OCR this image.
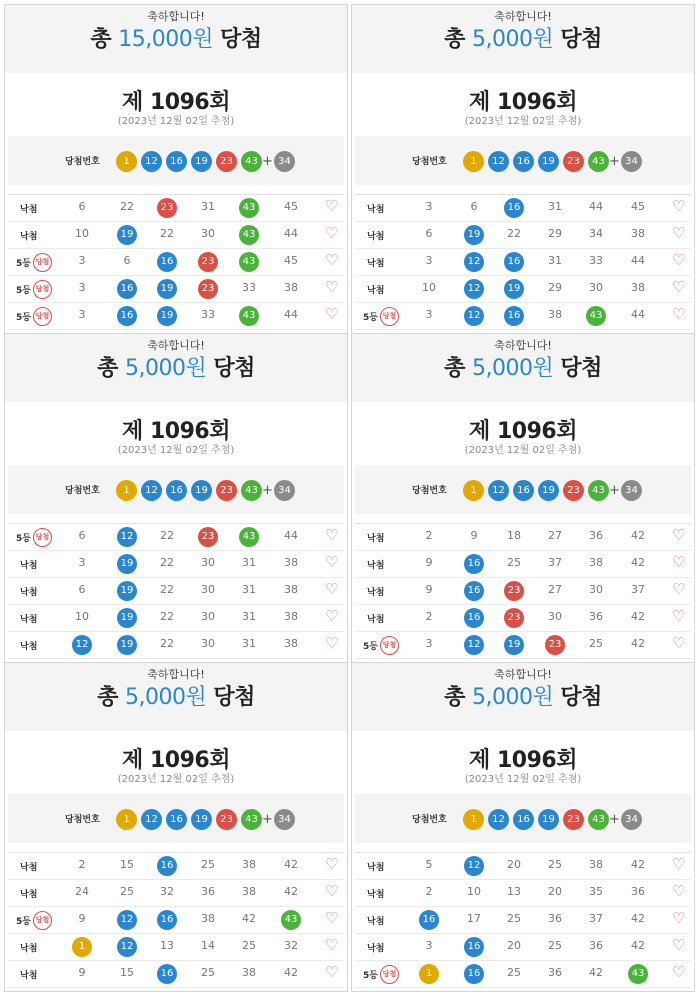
축하합니다!
총 15,000원 당첨
제 1096회
(2023년 12월 02일 추첨)
당첨번호	1	12	16	19	23	43 + 34
낙첨	6	22	23	31	43	45	♡
낙첨	10	19	22	30	43	44	♡
5등 당첨	3	6	16	23	43	45	♡
5등 당첨	3	16	19	23	33	38	♡
5등 당첨	3	16	19	33	43	44	♡
축하합니다!
총 5,000원 당첨
제 1096회
(2023년 12월 02일 추첨)
당첨번호	1	12	16	19	23	43 + 34
낙첨	3	6	16	31	44	45	♡
낙첨	6	19	22	29	34	38	♡
낙첨	3	12	16	31	33	44	♡
낙첨	10	12	19	29	30	38	♡
5등 당첨	3	12	16	38	43	44	♡
축하합니다!
총 5,000원 당첨
제 1096회
(2023년 12월 02일 추첨)
당첨번호	1	12	16	19	23	43 + 34
5등 당첨	6	12	22	23	43	44	♡
낙첨	3	19	22	30	31	38	♡
낙첨	6	19	22	30	31	38	♡
낙첨	10	19	22	30	31	38	♡
낙첨	12	19	22	30	31	38	♡
축하합니다!
총 5,000원 당첨
제 1096회
(2023년 12월 02일 추첨)
당첨번호	1	12	16	19	23	43 + 34
낙첨	2	9	18	27	36	42	♡
낙첨	9	16	25	37	38	42	♡
낙첨	9	16	23	27	30	37	♡
낙첨	2	16	23	30	36	42	♡
5등 당첨	3	12	19	23	25	42	♡
축하합니다!
총 5,000원 당첨
제 1096회
(2023년 12월 02일 추첨)
당첨번호	1	12	16	19	23	43 + 34
낙첨	2	15	16	25	38	42	♡
낙첨	24	25	32	36	38	42	♡
5등 당첨	9	12	16	38	42	43 ♡
낙첨	1	12	13	14	25	32	♡
낙첨	9	15	16	25	38	42	♡
축하합니다!
총 5,000원 당첨
제 1096회
(2023년 12월 02일 추첨)
당첨번호	1	12	16	19	23	43 + 34
낙첨	5	12	20	25	38	42	♡
낙첨	2	10	13	20	35	36	♡
낙첨	16	17	25	36	37	42	♡
낙첨	3	16	20	25	36	42	♡
5등 당첨	1	16	25	36	42	43 ♡
